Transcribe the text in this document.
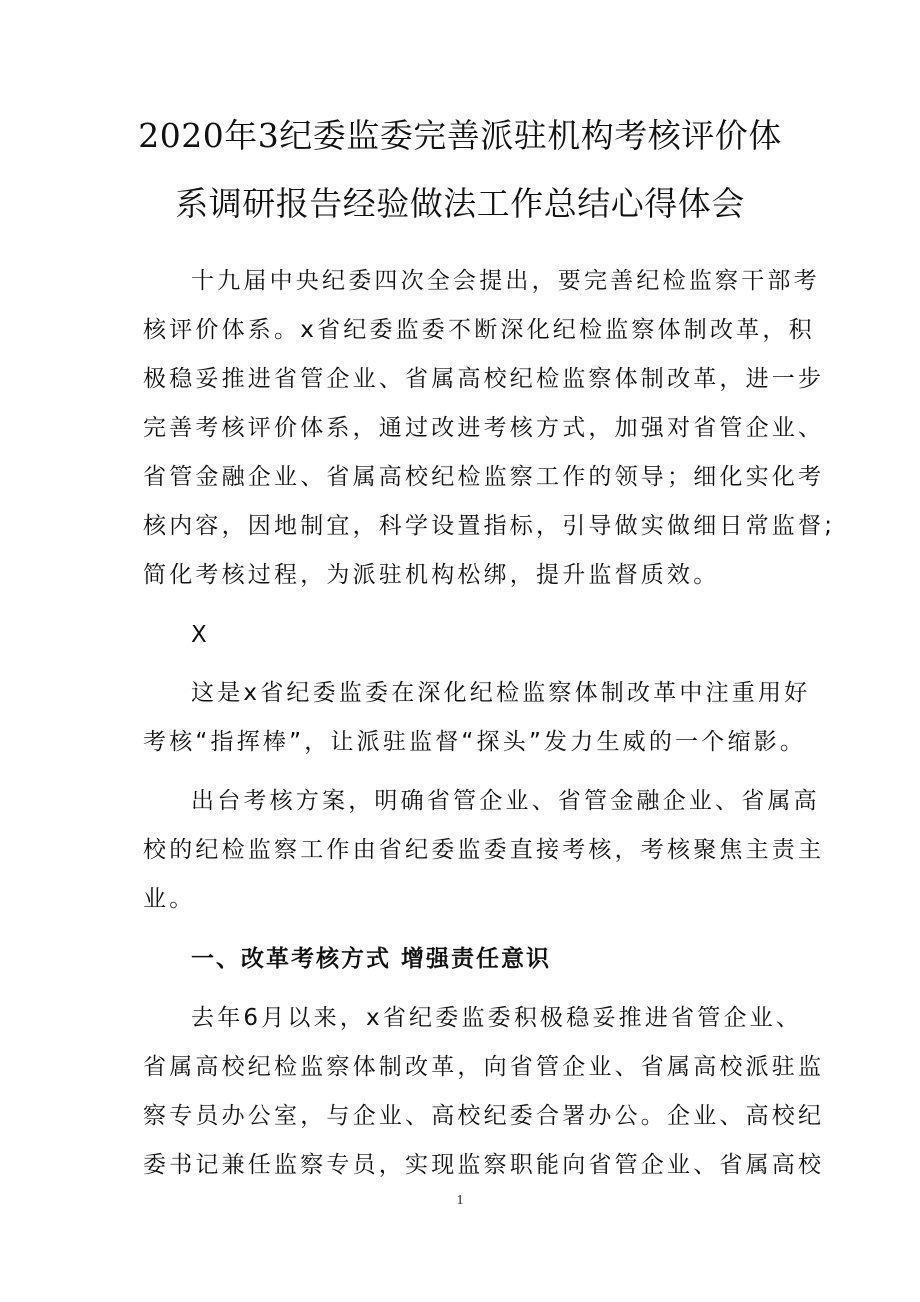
2020年3纪委监委完善派驻机构考核评价体
系调研报告经验做法工作总结心得体会
十九届中央纪委四次全会提出，要完善纪检监察干部考
核评价体系。x省纪委监委不断深化纪检监察体制改革，积
极稳妥推进省管企业、省属高校纪检监察体制改革，进一步
完善考核评价体系，通过改进考核方式，加强对省管企业、
省管金融企业、省属高校纪检监察工作的领导；细化实化考
核内容，因地制宜，科学设置指标，引导做实做细日常监督;
简化考核过程，为派驻机构松绑，提升监督质效。
X
这是x省纪委监委在深化纪检监察体制改革中注重用好
考核“指挥棒”，让派驻监督“探头”发力生威的一个缩影。
出台考核方案，明确省管企业、省管金融企业、省属高
校的纪检监察工作由省纪委监委直接考核，考核聚焦主责主
业。
一、改革考核方式 增强责任意识
去年6月以来，x省纪委监委积极稳妥推进省管企业、
省属高校纪检监察体制改革，向省管企业、省属高校派驻监
察专员办公室，与企业、高校纪委合署办公。企业、高校纪
委书记兼任监察专员，实现监察职能向省管企业、省属高校
1
